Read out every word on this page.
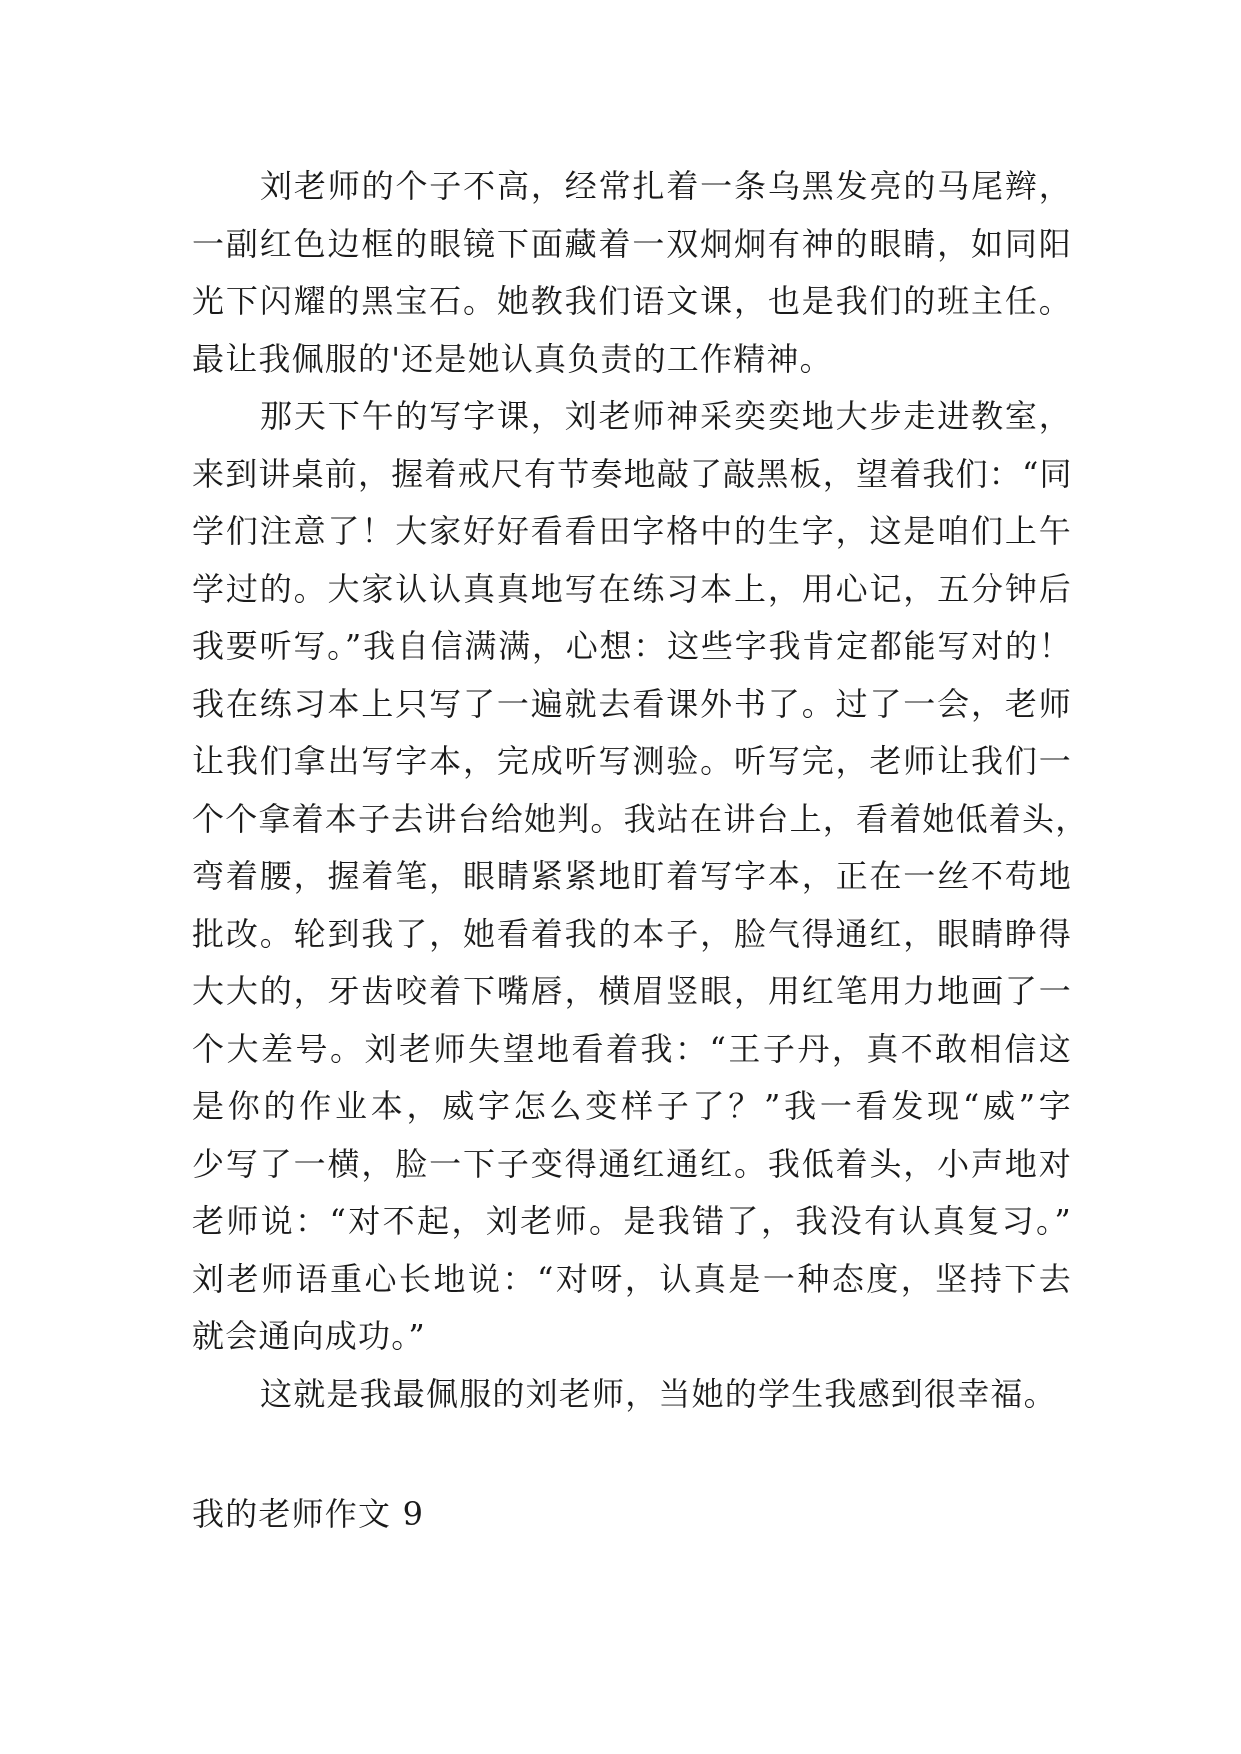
刘老师的个子不高，经常扎着一条乌黑发亮的马尾辫，
一副红色边框的眼镜下面藏着一双炯炯有神的眼睛，如同阳
光下闪耀的黑宝石。她教我们语文课，也是我们的班主任。
最让我佩服的'还是她认真负责的工作精神。
那天下午的写字课，刘老师神采奕奕地大步走进教室，
来到讲桌前，握着戒尺有节奏地敲了敲黑板，望着我们：“同
学们注意了！大家好好看看田字格中的生字，这是咱们上午
学过的。大家认认真真地写在练习本上，用心记，五分钟后
我要听写。”我自信满满，心想：这些字我肯定都能写对的！
我在练习本上只写了一遍就去看课外书了。过了一会，老师
让我们拿出写字本，完成听写测验。听写完，老师让我们一
个个拿着本子去讲台给她判。我站在讲台上，看着她低着头，
弯着腰，握着笔，眼睛紧紧地盯着写字本，正在一丝不苟地
批改。轮到我了，她看着我的本子，脸气得通红，眼睛睁得
大大的，牙齿咬着下嘴唇，横眉竖眼，用红笔用力地画了一
个大差号。刘老师失望地看着我：“王子丹，真不敢相信这
是你的作业本，威字怎么变样子了？”我一看发现“威”字
少写了一横，脸一下子变得通红通红。我低着头，小声地对
老师说：“对不起，刘老师。是我错了，我没有认真复习。”
刘老师语重心长地说：“对呀，认真是一种态度，坚持下去
就会通向成功。”
这就是我最佩服的刘老师，当她的学生我感到很幸福。
我的老师作文 9
